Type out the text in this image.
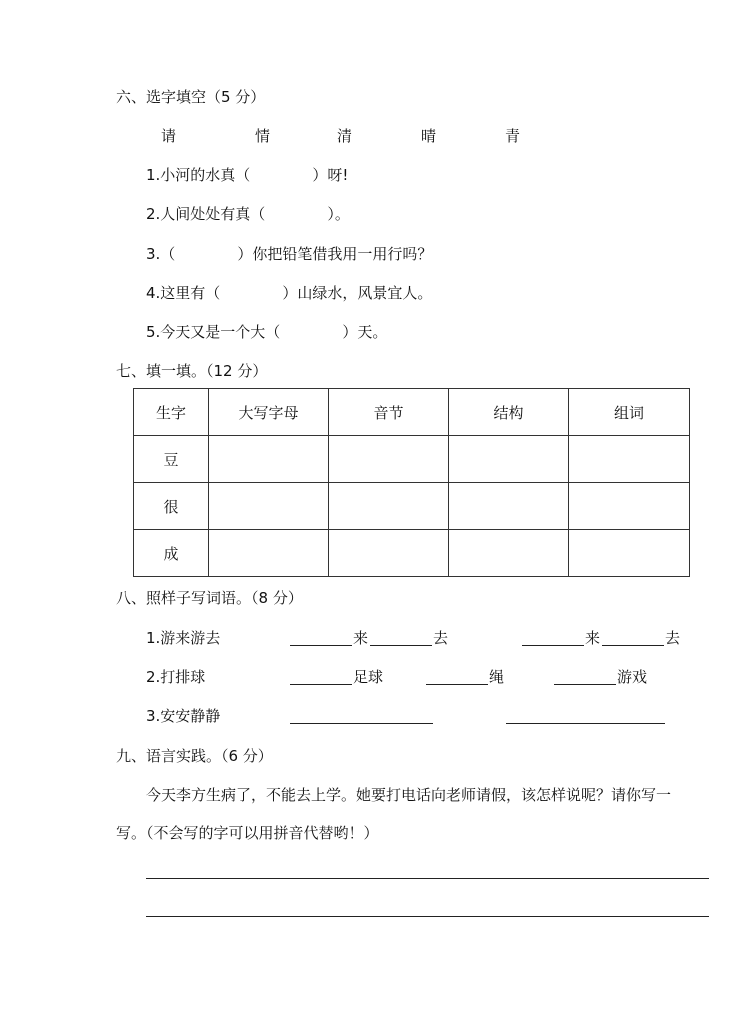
六、选字填空（5 分）
请	情	清	晴	青
1.小河的水真（	）呀!
2.人间处处有真（	）。
3.（	）你把铅笔借我用一用行吗？
4.这里有（	）山绿水，风景宜人。
5.今天又是一个大（	）天。
七、填一填。（12 分）
生字	大写字母	音节	结构	组词
豆				
很				
成				
八、照样子写词语。（8 分）
1.游来游去	来	去	来	去
2.打排球	足球	绳	游戏
3.安安静静
九、语言实践。（6 分）
今天李方生病了，不能去上学。她要打电话向老师请假，该怎样说呢？请你写一
写。（不会写的字可以用拼音代替哟！）
